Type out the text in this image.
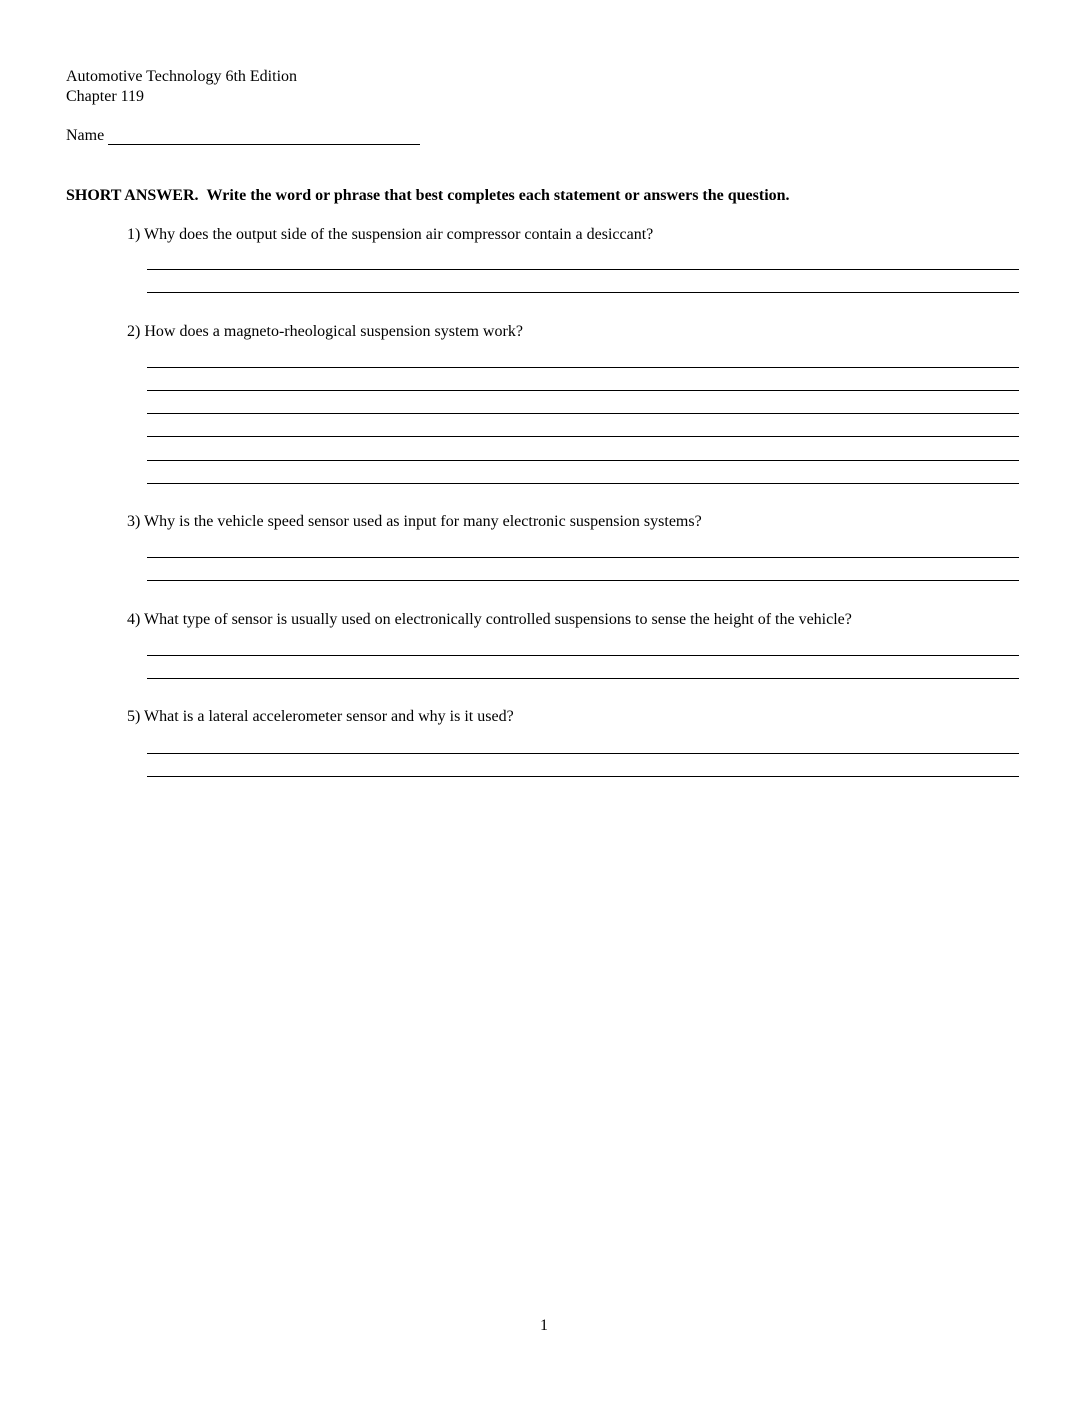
Automotive Technology 6th Edition
Chapter 119
Name
SHORT ANSWER. Write the word or phrase that best completes each statement or answers the question.
1) Why does the output side of the suspension air compressor contain a desiccant?
2) How does a magneto-rheological suspension system work?
3) Why is the vehicle speed sensor used as input for many electronic suspension systems?
4) What type of sensor is usually used on electronically controlled suspensions to sense the height of the vehicle?
5) What is a lateral accelerometer sensor and why is it used?
1
